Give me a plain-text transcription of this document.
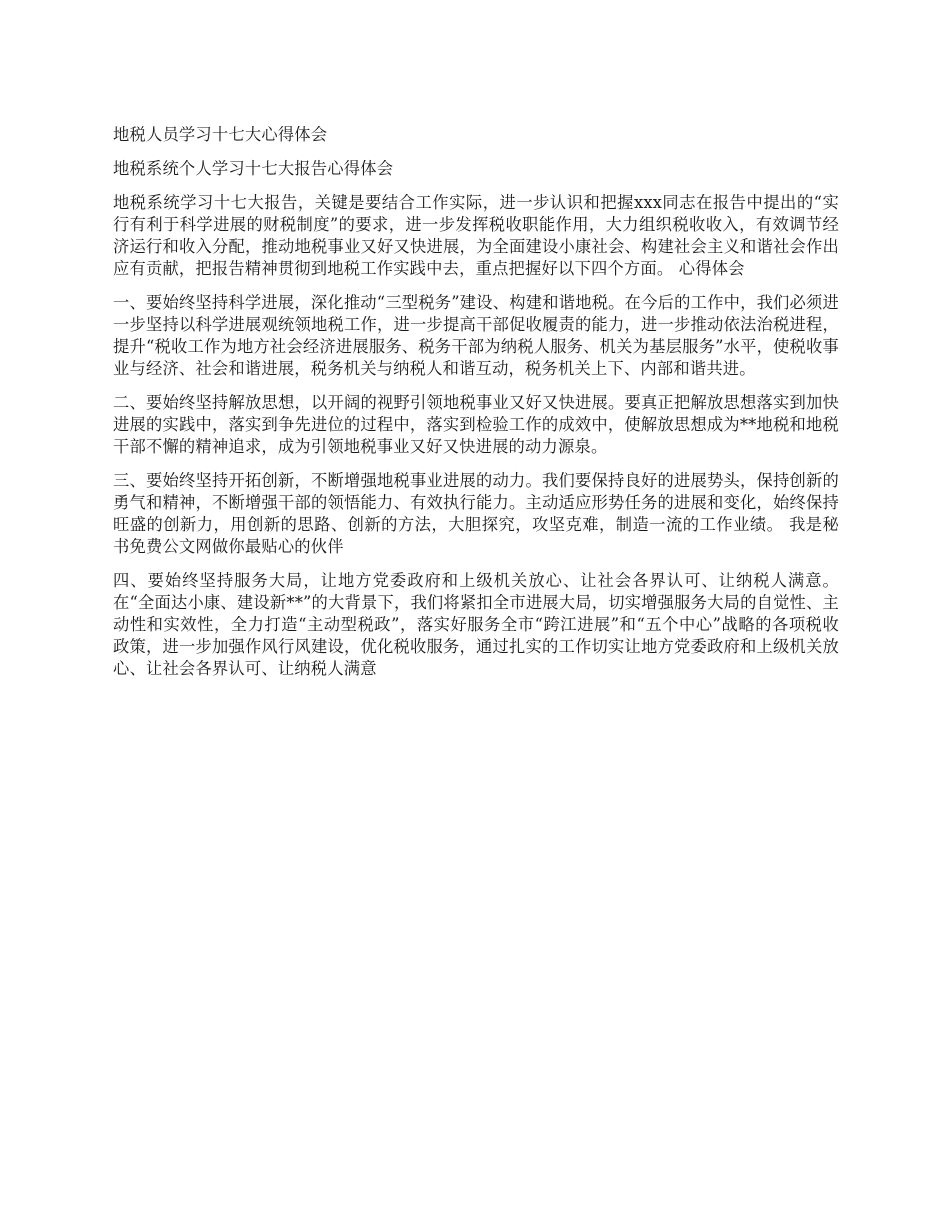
地税人员学习十七大心得体会

地税系统个人学习十七大报告心得体会

地税系统学习十七大报告，关键是要结合工作实际，进一步认识和把握xxx同志在报告中提出的“实行有利于科学进展的财税制度”的要求，进一步发挥税收职能作用，大力组织税收收入，有效调节经济运行和收入分配，推动地税事业又好又快进展，为全面建设小康社会、构建社会主义和谐社会作出应有贡献，把报告精神贯彻到地税工作实践中去，重点把握好以下四个方面。 心得体会

一、要始终坚持科学进展，深化推动“三型税务”建设、构建和谐地税。在今后的工作中，我们必须进一步坚持以科学进展观统领地税工作，进一步提高干部促收履责的能力，进一步推动依法治税进程，提升“税收工作为地方社会经济进展服务、税务干部为纳税人服务、机关为基层服务”水平，使税收事业与经济、社会和谐进展，税务机关与纳税人和谐互动，税务机关上下、内部和谐共进。

二、要始终坚持解放思想，以开阔的视野引领地税事业又好又快进展。要真正把解放思想落实到加快进展的实践中，落实到争先进位的过程中，落实到检验工作的成效中，使解放思想成为**地税和地税干部不懈的精神追求，成为引领地税事业又好又快进展的动力源泉。

三、要始终坚持开拓创新，不断增强地税事业进展的动力。我们要保持良好的进展势头，保持创新的勇气和精神，不断增强干部的领悟能力、有效执行能力。主动适应形势任务的进展和变化，始终保持旺盛的创新力，用创新的思路、创新的方法，大胆探究，攻坚克难，制造一流的工作业绩。 我是秘书免费公文网做你最贴心的伙伴

四、要始终坚持服务大局，让地方党委政府和上级机关放心、让社会各界认可、让纳税人满意。在“全面达小康、建设新**”的大背景下，我们将紧扣全市进展大局，切实增强服务大局的自觉性、主动性和实效性，全力打造“主动型税政”，落实好服务全市“跨江进展”和“五个中心”战略的各项税收政策，进一步加强作风行风建设，优化税收服务，通过扎实的工作切实让地方党委政府和上级机关放心、让社会各界认可、让纳税人满意
